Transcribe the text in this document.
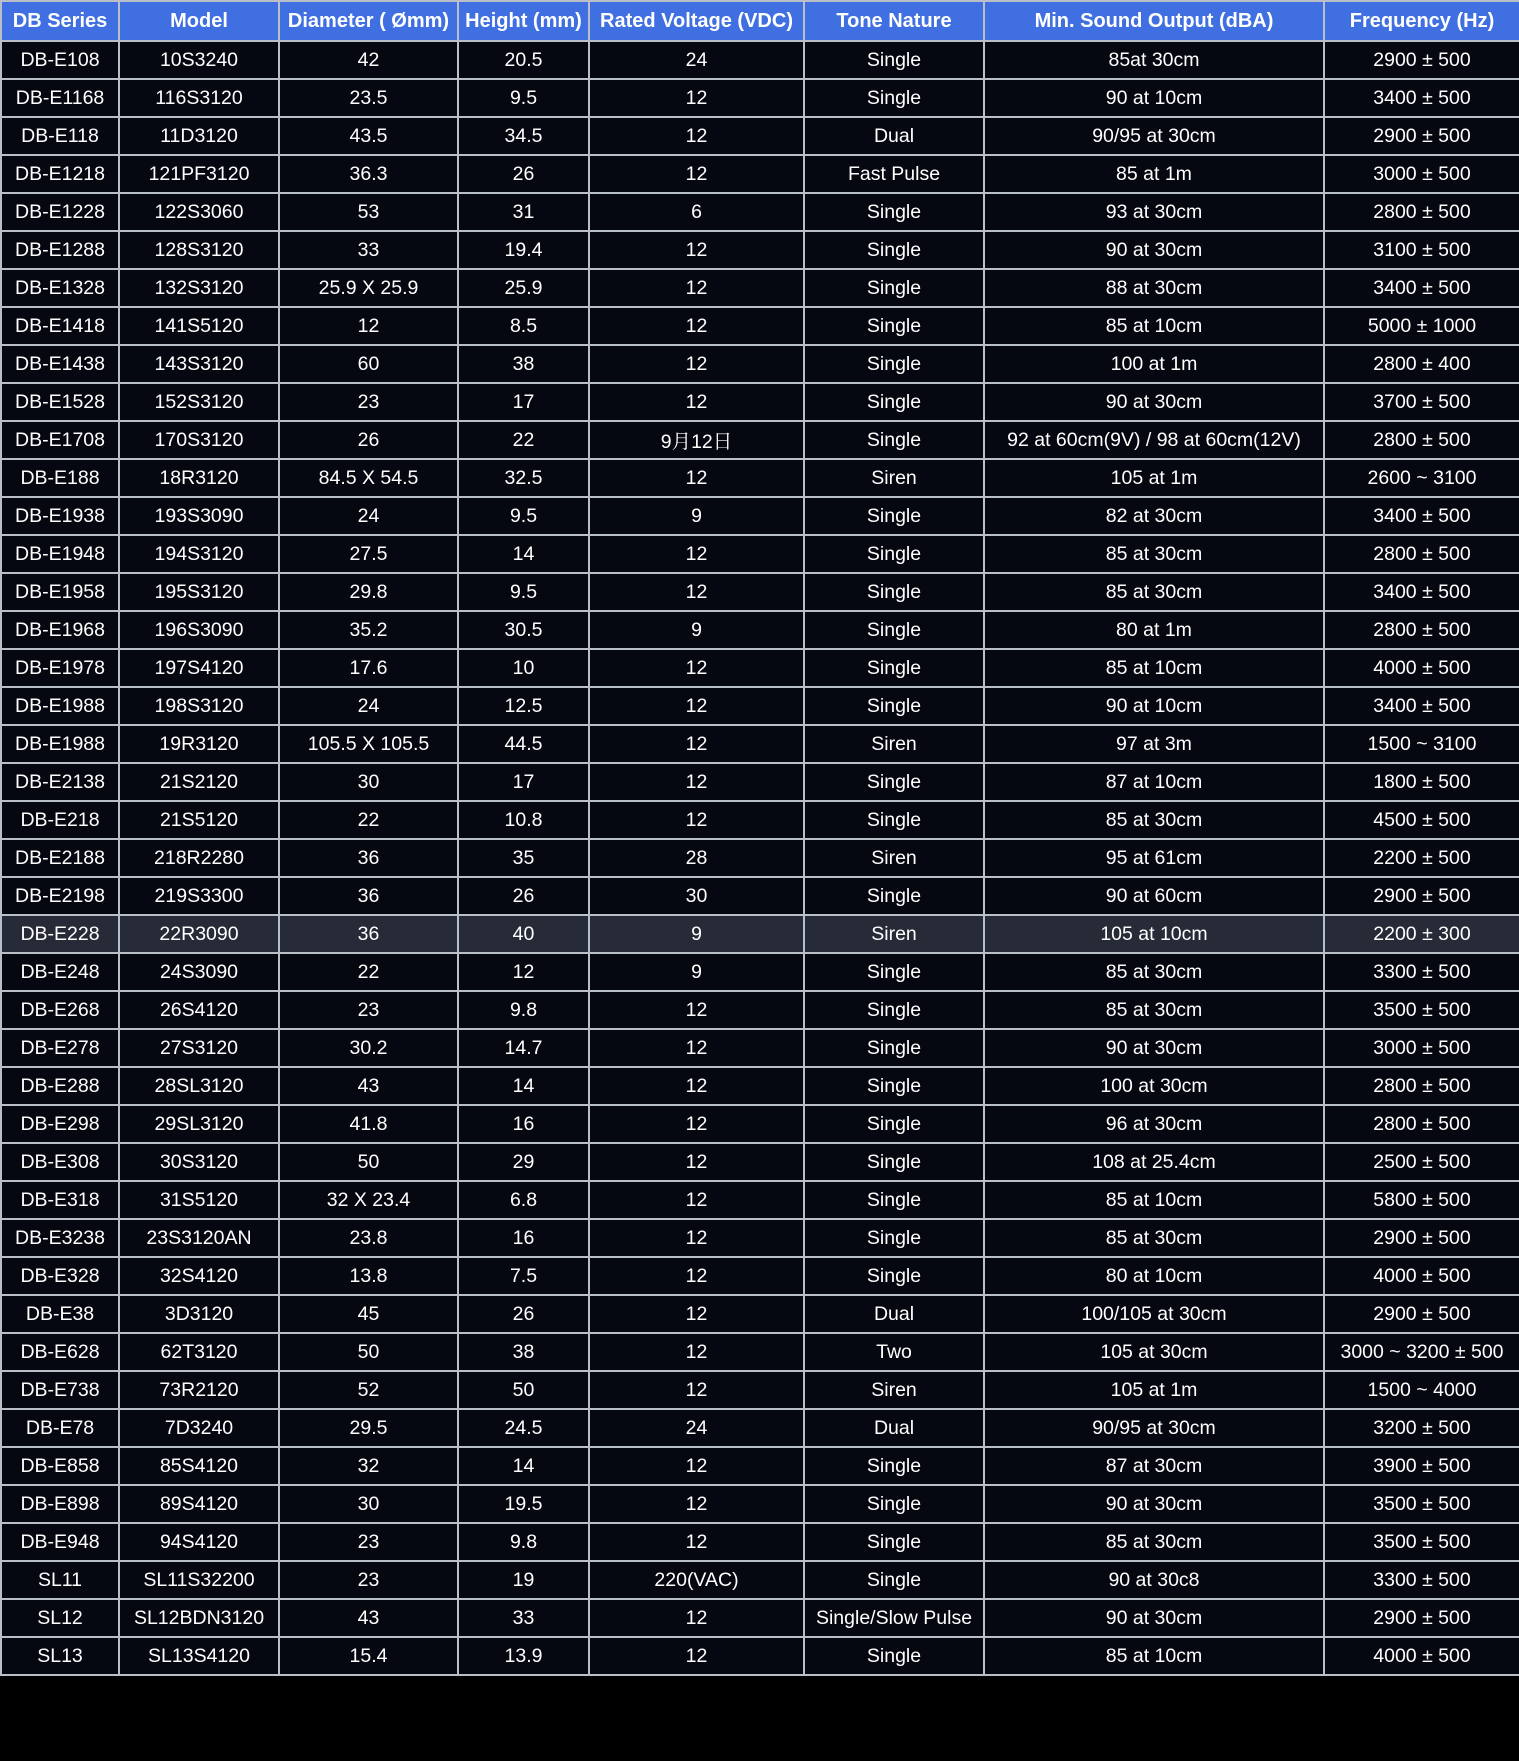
DB Series	Model	Diameter ( Ømm)	Height (mm)	Rated Voltage (VDC)	Tone Nature	Min. Sound Output (dBA)	Frequency (Hz)
DB-E108	10S3240	42	20.5	24	Single	85at 30cm	2900 ± 500
DB-E1168	116S3120	23.5	9.5	12	Single	90 at 10cm	3400 ± 500
DB-E118	11D3120	43.5	34.5	12	Dual	90/95 at 30cm	2900 ± 500
DB-E1218	121PF3120	36.3	26	12	Fast Pulse	85 at 1m	3000 ± 500
DB-E1228	122S3060	53	31	6	Single	93 at 30cm	2800 ± 500
DB-E1288	128S3120	33	19.4	12	Single	90 at 30cm	3100 ± 500
DB-E1328	132S3120	25.9 X 25.9	25.9	12	Single	88 at 30cm	3400 ± 500
DB-E1418	141S5120	12	8.5	12	Single	85 at 10cm	5000 ± 1000
DB-E1438	143S3120	60	38	12	Single	100 at 1m	2800 ± 400
DB-E1528	152S3120	23	17	12	Single	90 at 30cm	3700 ± 500
DB-E1708	170S3120	26	22	9月12日	Single	92 at 60cm(9V) / 98 at 60cm(12V)	2800 ± 500
DB-E188	18R3120	84.5 X 54.5	32.5	12	Siren	105 at 1m	2600 ~ 3100
DB-E1938	193S3090	24	9.5	9	Single	82 at 30cm	3400 ± 500
DB-E1948	194S3120	27.5	14	12	Single	85 at 30cm	2800 ± 500
DB-E1958	195S3120	29.8	9.5	12	Single	85 at 30cm	3400 ± 500
DB-E1968	196S3090	35.2	30.5	9	Single	80 at 1m	2800 ± 500
DB-E1978	197S4120	17.6	10	12	Single	85 at 10cm	4000 ± 500
DB-E1988	198S3120	24	12.5	12	Single	90 at 10cm	3400 ± 500
DB-E1988	19R3120	105.5 X 105.5	44.5	12	Siren	97 at 3m	1500 ~ 3100
DB-E2138	21S2120	30	17	12	Single	87 at 10cm	1800 ± 500
DB-E218	21S5120	22	10.8	12	Single	85 at 30cm	4500 ± 500
DB-E2188	218R2280	36	35	28	Siren	95 at 61cm	2200 ± 500
DB-E2198	219S3300	36	26	30	Single	90 at 60cm	2900 ± 500
DB-E228	22R3090	36	40	9	Siren	105 at 10cm	2200 ± 300
DB-E248	24S3090	22	12	9	Single	85 at 30cm	3300 ± 500
DB-E268	26S4120	23	9.8	12	Single	85 at 30cm	3500 ± 500
DB-E278	27S3120	30.2	14.7	12	Single	90 at 30cm	3000 ± 500
DB-E288	28SL3120	43	14	12	Single	100 at 30cm	2800 ± 500
DB-E298	29SL3120	41.8	16	12	Single	96 at 30cm	2800 ± 500
DB-E308	30S3120	50	29	12	Single	108 at 25.4cm	2500 ± 500
DB-E318	31S5120	32 X 23.4	6.8	12	Single	85 at 10cm	5800 ± 500
DB-E3238	23S3120AN	23.8	16	12	Single	85 at 30cm	2900 ± 500
DB-E328	32S4120	13.8	7.5	12	Single	80 at 10cm	4000 ± 500
DB-E38	3D3120	45	26	12	Dual	100/105 at 30cm	2900 ± 500
DB-E628	62T3120	50	38	12	Two	105 at 30cm	3000 ~ 3200 ± 500
DB-E738	73R2120	52	50	12	Siren	105 at 1m	1500 ~ 4000
DB-E78	7D3240	29.5	24.5	24	Dual	90/95 at 30cm	3200 ± 500
DB-E858	85S4120	32	14	12	Single	87 at 30cm	3900 ± 500
DB-E898	89S4120	30	19.5	12	Single	90 at 30cm	3500 ± 500
DB-E948	94S4120	23	9.8	12	Single	85 at 30cm	3500 ± 500
SL11	SL11S32200	23	19	220(VAC)	Single	90 at 30c8	3300 ± 500
SL12	SL12BDN3120	43	33	12	Single/Slow Pulse	90 at 30cm	2900 ± 500
SL13	SL13S4120	15.4	13.9	12	Single	85 at 10cm	4000 ± 500
